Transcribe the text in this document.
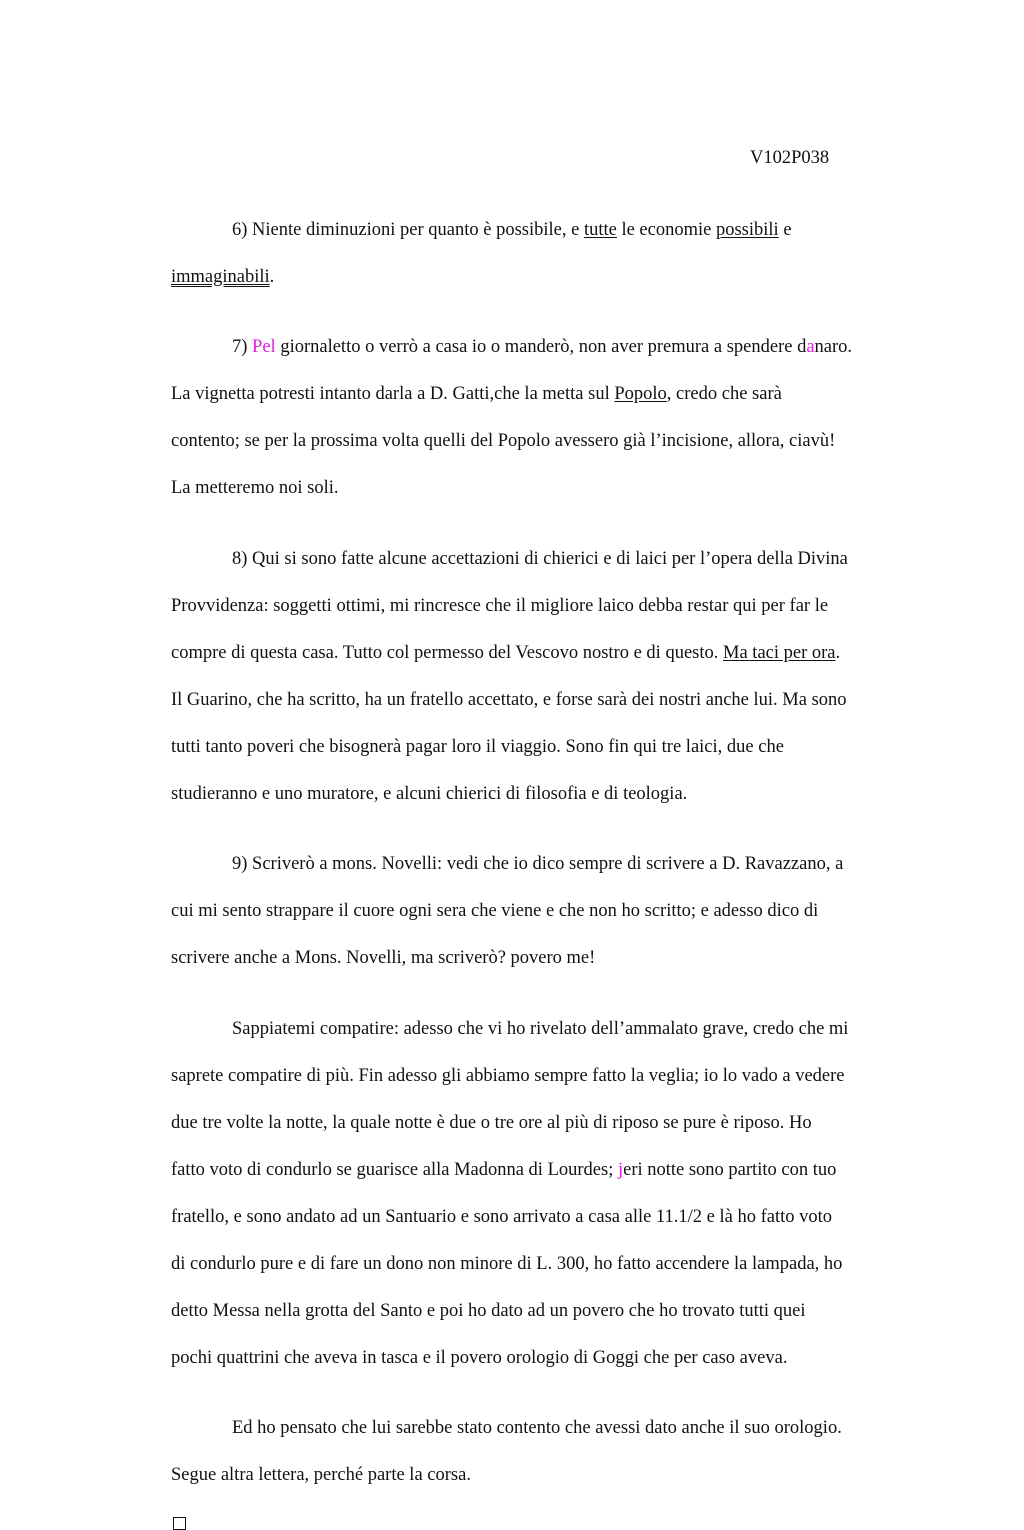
V102P038

6) Niente diminuzioni per quanto è possibile, e tutte le economie possibili e

immaginabili.

7) Pel giornaletto o verrò a casa io o manderò, non aver premura a spendere danaro.

La vignetta potresti intanto darla a D. Gatti,che la metta sul Popolo, credo che sarà

contento; se per la prossima volta quelli del Popolo avessero già l’incisione, allora, ciavù!

La metteremo noi soli.

8) Qui si sono fatte alcune accettazioni di chierici e di laici per l’opera della Divina

Provvidenza: soggetti ottimi, mi rincresce che il migliore laico debba restar qui per far le

compre di questa casa. Tutto col permesso del Vescovo nostro e di questo. Ma taci per ora.

Il Guarino, che ha scritto, ha un fratello accettato, e forse sarà dei nostri anche lui. Ma sono

tutti tanto poveri che bisognerà pagar loro il viaggio. Sono fin qui tre laici, due che

studieranno e uno muratore, e alcuni chierici di filosofia e di teologia.

9) Scriverò a mons. Novelli: vedi che io dico sempre di scrivere a D. Ravazzano, a

cui mi sento strappare il cuore ogni sera che viene e che non ho scritto; e adesso dico di

scrivere anche a Mons. Novelli, ma scriverò? povero me!

Sappiatemi compatire: adesso che vi ho rivelato dell’ammalato grave, credo che mi

saprete compatire di più. Fin adesso gli abbiamo sempre fatto la veglia; io lo vado a vedere

due tre volte la notte, la quale notte è due o tre ore al più di riposo se pure è riposo. Ho

fatto voto di condurlo se guarisce alla Madonna di Lourdes; jeri notte sono partito con tuo

fratello, e sono andato ad un Santuario e sono arrivato a casa alle 11.1/2 e là ho fatto voto

di condurlo pure e di fare un dono non minore di L. 300, ho fatto accendere la lampada, ho

detto Messa nella grotta del Santo e poi ho dato ad un povero che ho trovato tutti quei

pochi quattrini che aveva in tasca e il povero orologio di Goggi che per caso aveva.

Ed ho pensato che lui sarebbe stato contento che avessi dato anche il suo orologio.

Segue altra lettera, perché parte la corsa.
